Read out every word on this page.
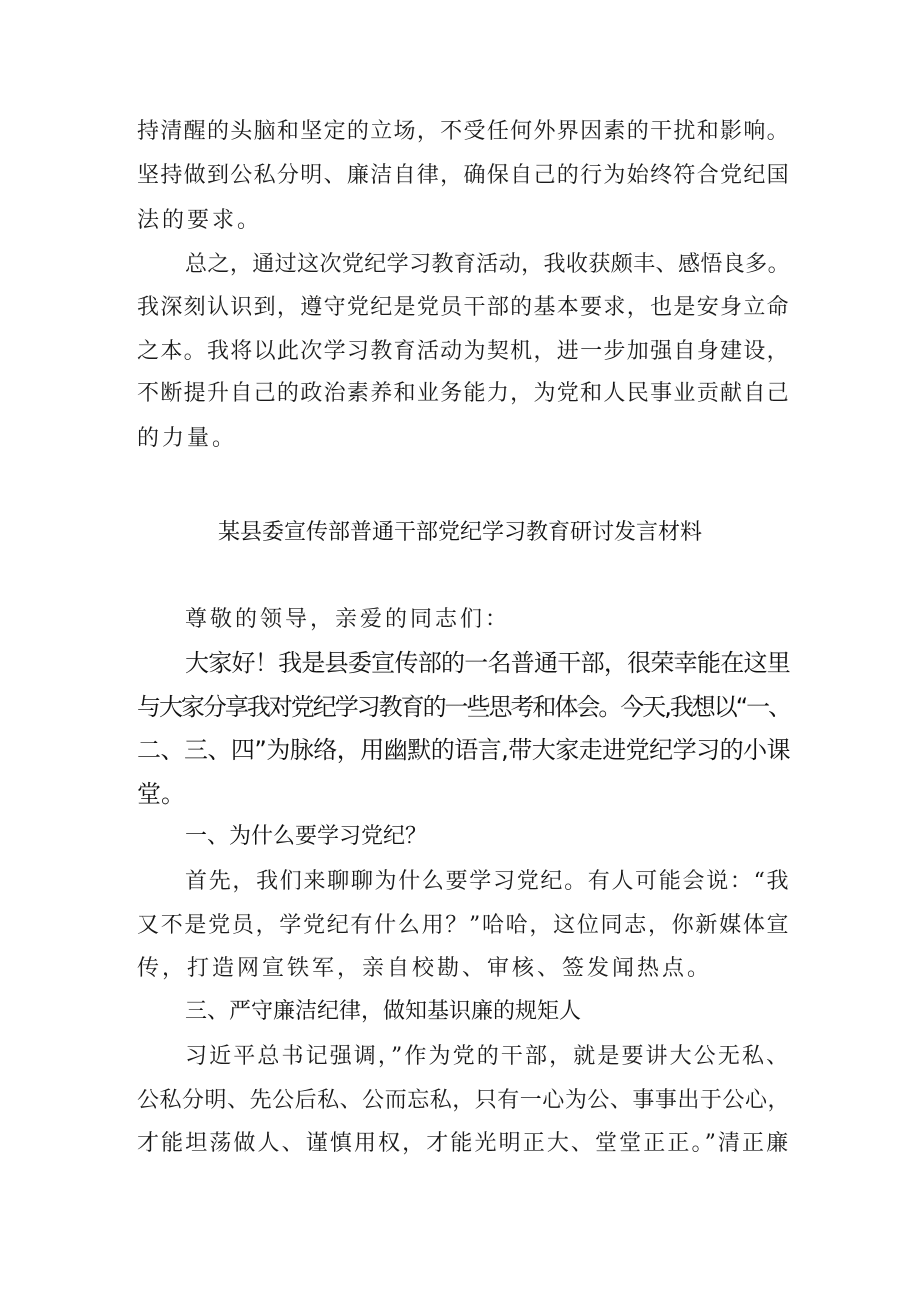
持清醒的头脑和坚定的立场，不受任何外界因素的干扰和影响。
坚持做到公私分明、廉洁自律，确保自己的行为始终符合党纪国
法的要求。
总之，通过这次党纪学习教育活动，我收获颇丰、感悟良多。
我深刻认识到，遵守党纪是党员干部的基本要求，也是安身立命
之本。我将以此次学习教育活动为契机，进一步加强自身建设，
不断提升自己的政治素养和业务能力，为党和人民事业贡献自己
的力量。
某县委宣传部普通干部党纪学习教育研讨发言材料
尊敬的领导，亲爱的同志们：
大家好！我是县委宣传部的一名普通干部，很荣幸能在这里
与大家分享我对党纪学习教育的一些思考和体会。今天,我想以“一、
二、三、四”为脉络，用幽默的语言,带大家走进党纪学习的小课
堂。
一、为什么要学习党纪？
首先，我们来聊聊为什么要学习党纪。有人可能会说：“我
又不是党员，学党纪有什么用？”哈哈，这位同志，你新媒体宣
传，打造网宣铁军，亲自校勘、审核、签发闻热点。
三、严守廉洁纪律，做知基识廉的规矩人
习近平总书记强调，”作为党的干部，就是要讲大公无私、
公私分明、先公后私、公而忘私，只有一心为公、事事出于公心，
才能坦荡做人、谨慎用权，才能光明正大、堂堂正正。”清正廉
